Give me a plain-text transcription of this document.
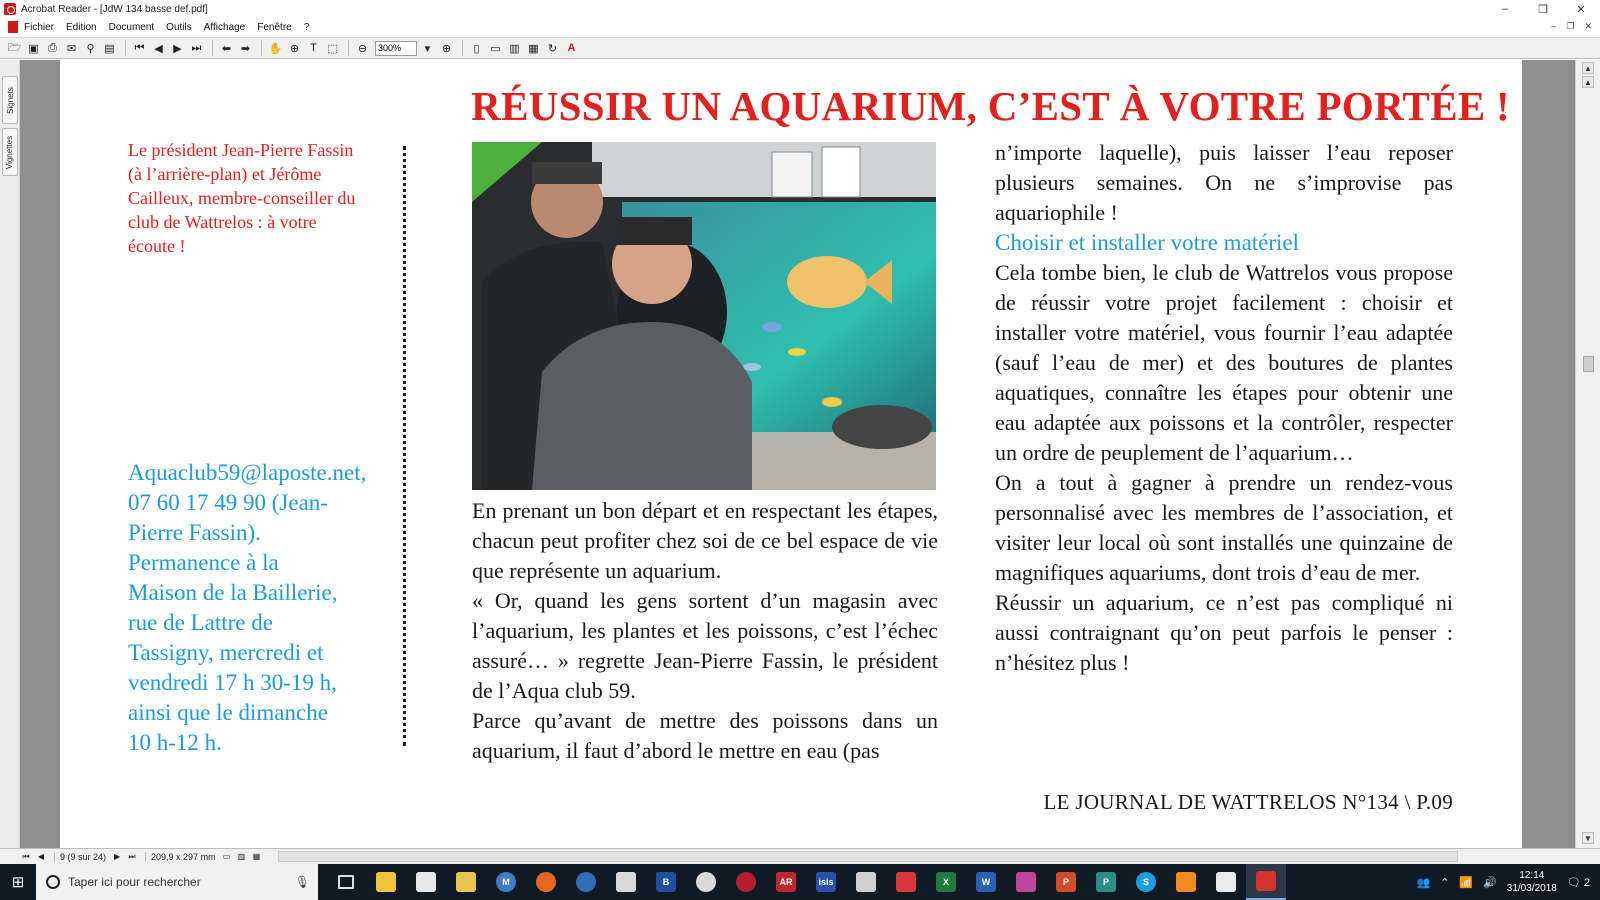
Acrobat Reader - [JdW 134 basse def.pdf]	–	❐	✕
Fichier Edition Document Outils Affichage Fenêtre ?	– ❐ ✕
🗁 ▣ ⎙ ✉ ⚲ ▤	⏮ ◀ ▶ ⏭	⬅ ➡	✋ ⊕	T ⬚	⊖	300%	▾	⊕	▯ ▭ ▥ ▦ ↻ A
Signets
Vignettes
RÉUSSIR UN AQUARIUM, C’EST À VOTRE PORTÉE !
Le président Jean-Pierre Fassin (à l’arrière-plan) et Jérôme Cailleux, membre-conseiller du club de Wattrelos : à votre écoute !
Aquaclub59@laposte.net, 07 60 17 49 90 (Jean-Pierre Fassin). Permanence à la Maison de la Baillerie, rue de Lattre de Tassigny, mercredi et vendredi 17 h 30-19 h, ainsi que le dimanche 10 h-12 h.

En prenant un bon départ et en respectant les étapes, chacun peut profiter chez soi de ce bel espace de vie que représente un aquarium.

« Or, quand les gens sortent d’un magasin avec l’aquarium, les plantes et les poissons, c’est l’échec assuré… » regrette Jean-Pierre Fassin, le président de l’Aqua club 59.

Parce qu’avant de mettre des poissons dans un aquarium, il faut d’abord le mettre en eau (pas

n’importe laquelle), puis laisser l’eau reposer plusieurs semaines. On ne s’improvise pas aquariophile !

Choisir et installer votre matériel

Cela tombe bien, le club de Wattrelos vous propose de réussir votre projet facilement : choisir et installer votre matériel, vous fournir l’eau adaptée (sauf l’eau de mer) et des boutures de plantes aquatiques, connaître les étapes pour obtenir une eau adaptée aux poissons et la contrôler, respecter un ordre de peuplement de l’aquarium…

On a tout à gagner à prendre un rendez-vous personnalisé avec les membres de l’association, et visiter leur local où sont installés une quinzaine de magnifiques aquariums, dont trois d’eau de mer.

Réussir un aquarium, ce n’est pas compliqué ni aussi contraignant qu’on peut parfois le penser : n’hésitez plus !

LE JOURNAL DE WATTRELOS N°134 \ P.09
▲
▲
▼
⏮	◀	9 (9 sur 24) ▶	⏭	209,9 x 297 mm ▭ ▥ ▦
⊞	Taper ici pour rechercher	🎙	M	B	AR	isis	X	W	P	P	S	👥 ⌃ 📶 🔊
12:14
31/03/2018 🗨 2
